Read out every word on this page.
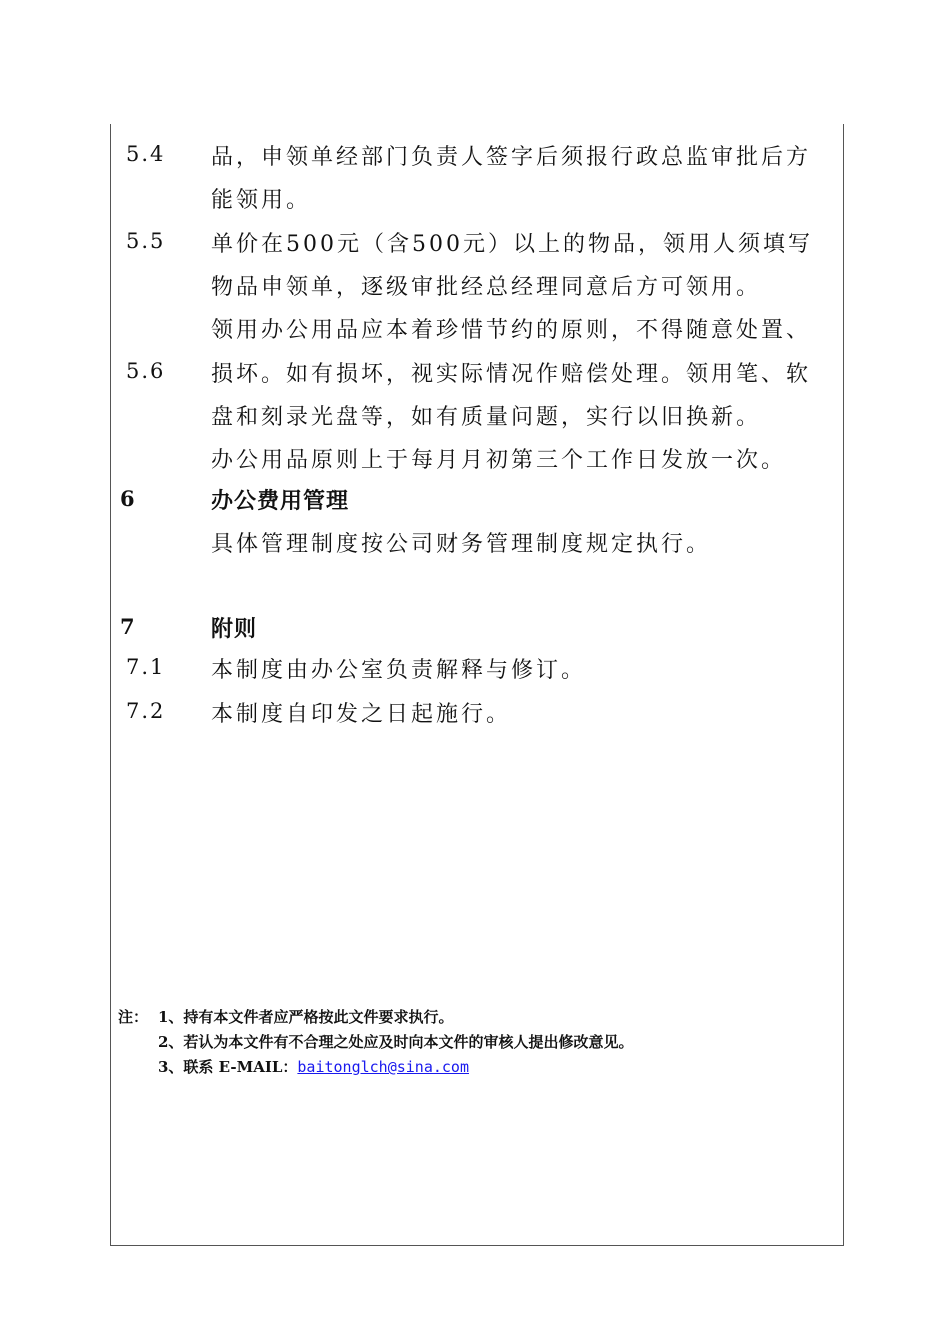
5.4 品，申领单经部门负责人签字后须报行政总监审批后方
能领用。
5.5 单价在500元（含500元）以上的物品，领用人须填写
物品申领单，逐级审批经总经理同意后方可领用。
领用办公用品应本着珍惜节约的原则，不得随意处置、
5.6 损坏。如有损坏，视实际情况作赔偿处理。领用笔、软
盘和刻录光盘等，如有质量问题，实行以旧换新。
办公用品原则上于每月月初第三个工作日发放一次。
6	办公费用管理
具体管理制度按公司财务管理制度规定执行。
7	附则
7.1 本制度由办公室负责解释与修订。
7.2 本制度自印发之日起施行。
注： 1、持有本文件者应严格按此文件要求执行。
2、若认为本文件有不合理之处应及时向本文件的审核人提出修改意见。
3、联系 E-MAIL：baitonglch@sina.com
